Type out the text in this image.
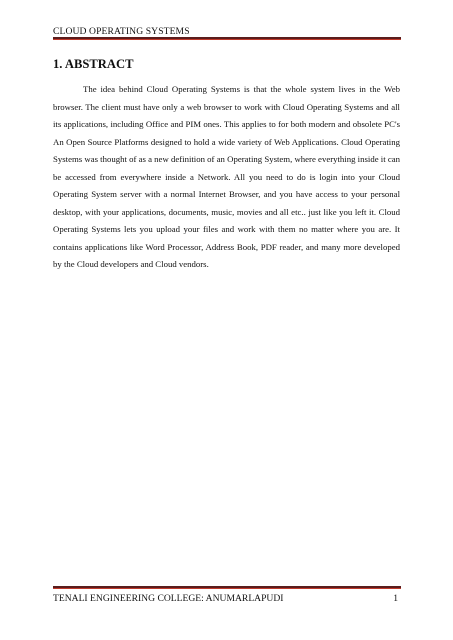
CLOUD OPERATING SYSTEMS
1. ABSTRACT

The idea behind Cloud Operating Systems is that the whole system lives in the Web browser. The client must have only a web browser to work with Cloud Operating Systems and all its applications, including Office and PIM ones. This applies to for both modern and obsolete PC's An Open Source Platforms designed to hold a wide variety of Web Applications. Cloud Operating Systems was thought of as a new definition of an Operating System, where everything inside it can be accessed from everywhere inside a Network. All you need to do is login into your Cloud Operating System server with a normal Internet Browser, and you have access to your personal desktop, with your applications, documents, music, movies and all etc.. just like you left it. Cloud Operating Systems lets you upload your files and work with them no matter where you are. It contains applications like Word Processor, Address Book, PDF reader, and many more developed by the Cloud developers and Cloud vendors.

TENALI ENGINEERING COLLEGE: ANUMARLAPUDI	1
